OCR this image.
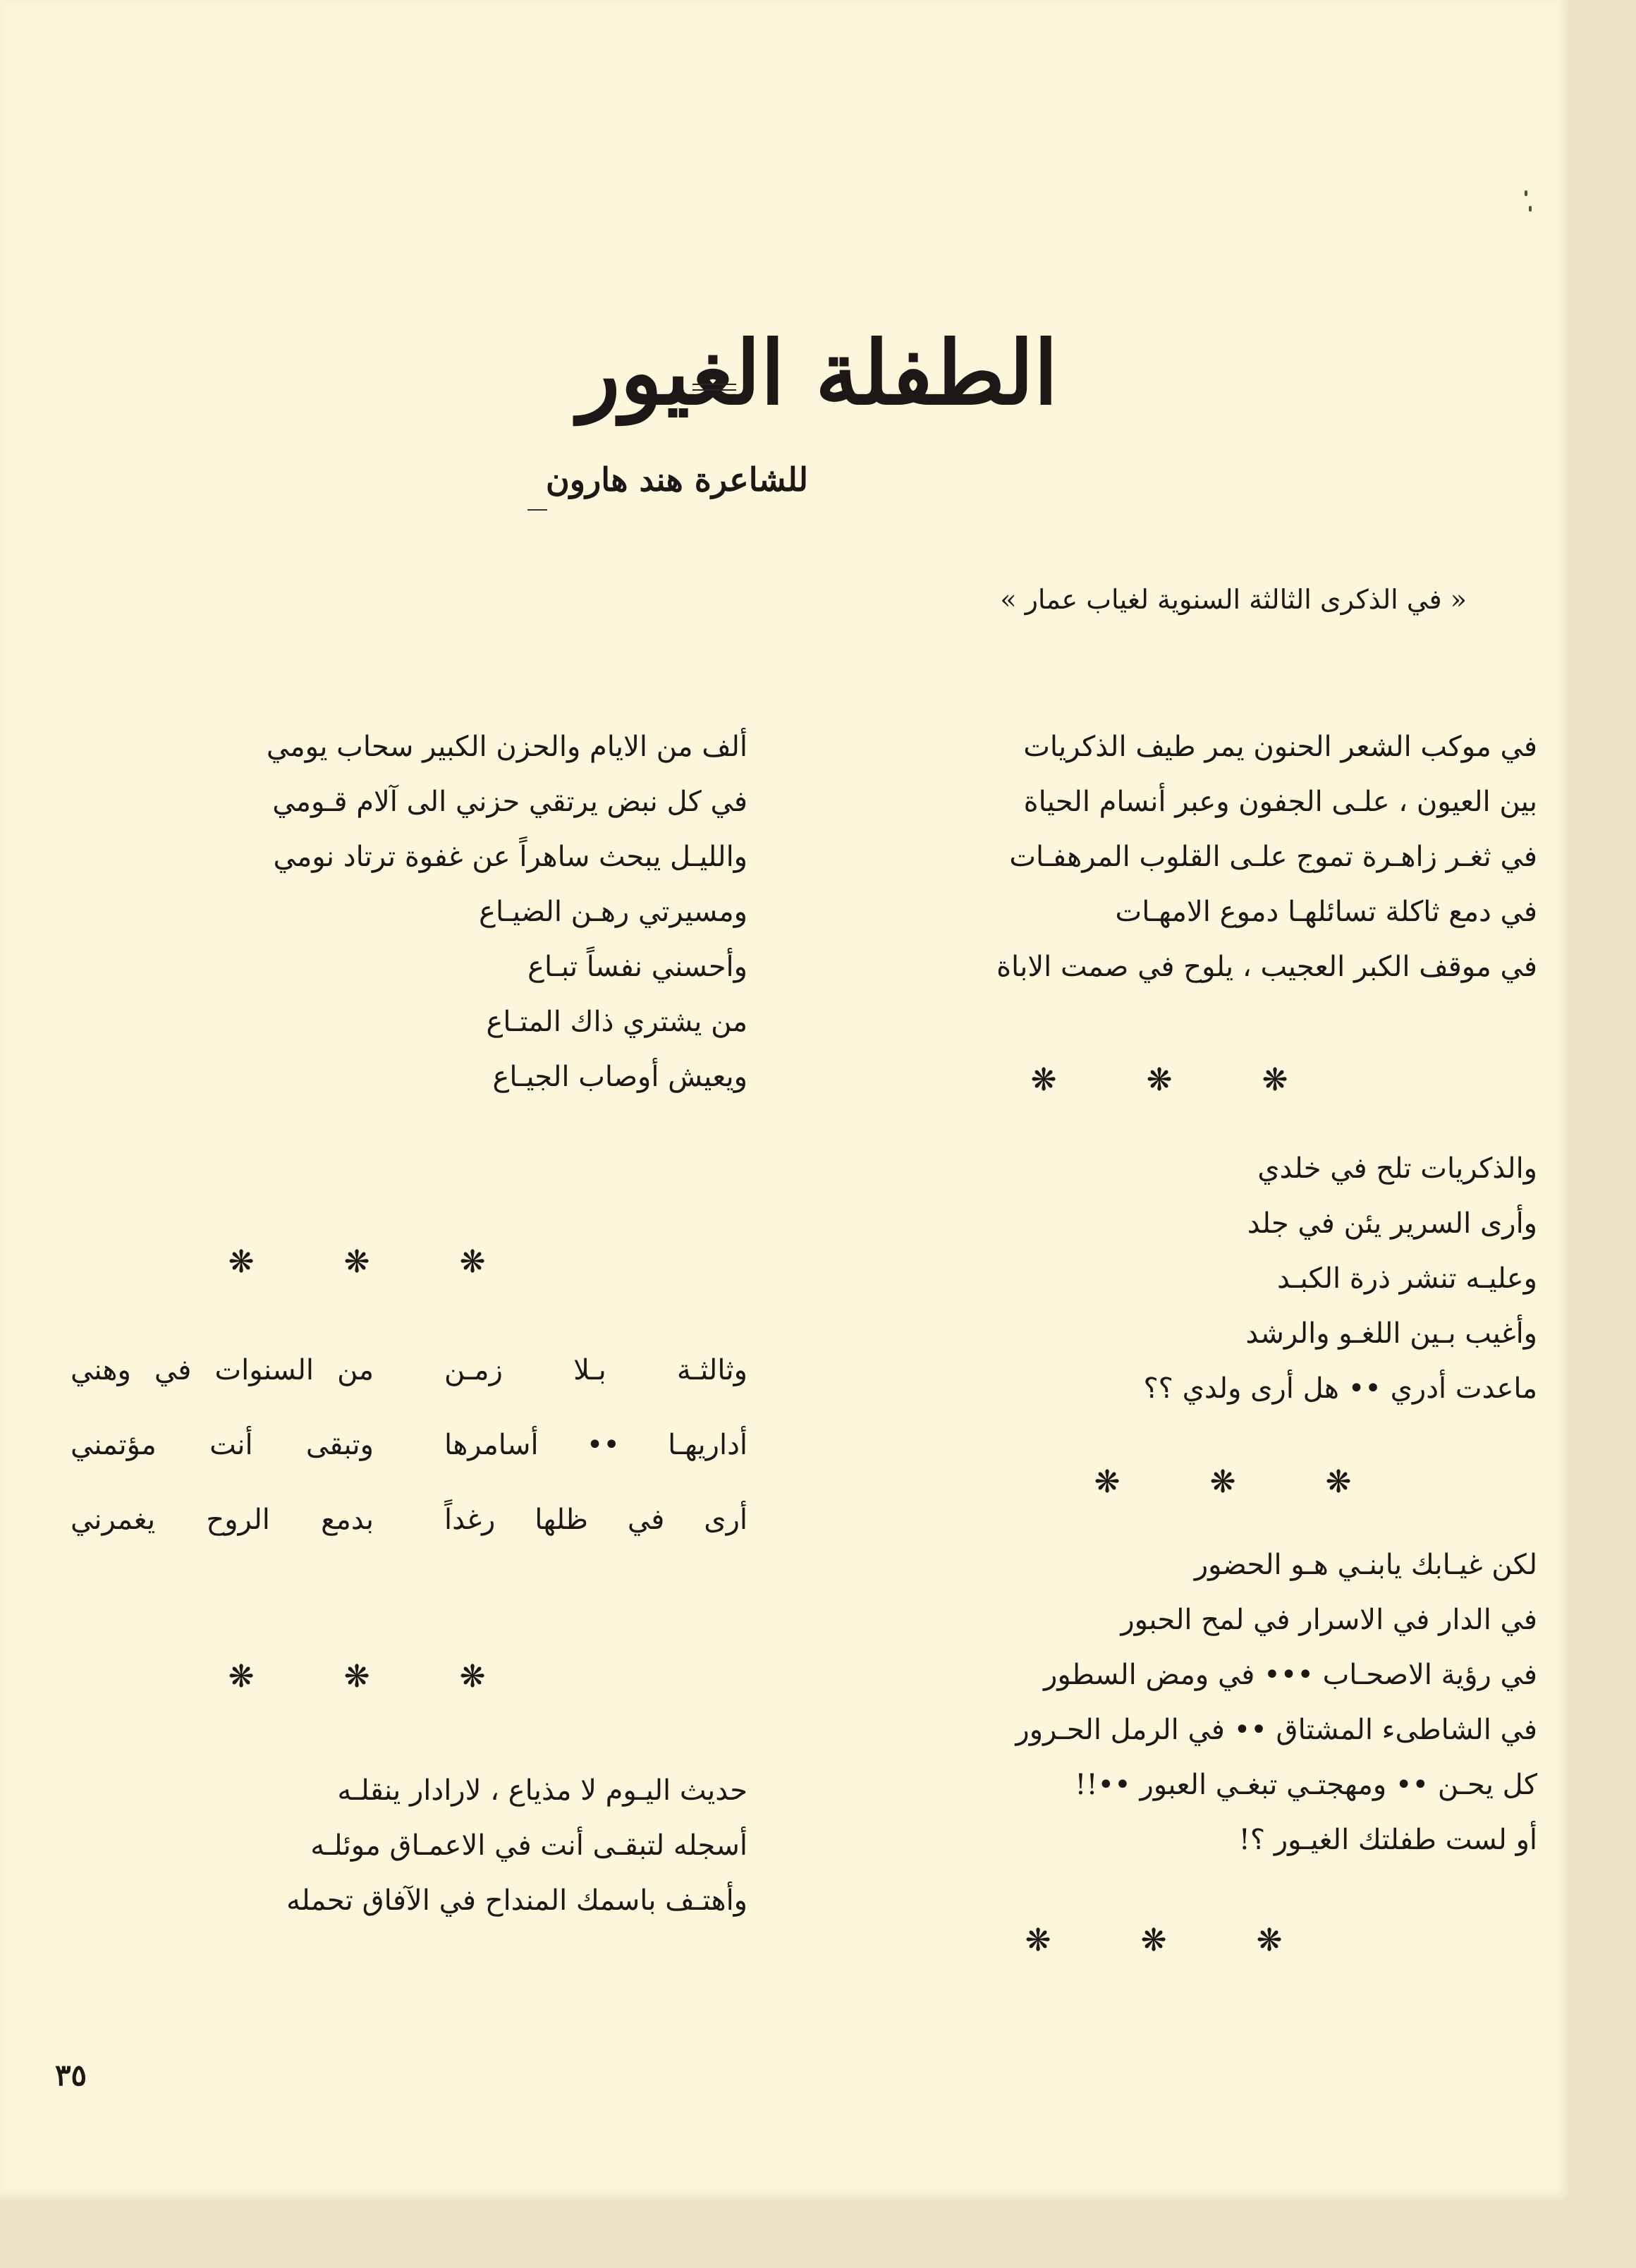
الطفلة الغيور
للشاعرة هند هارون
« في الذكرى الثالثة السنوية لغياب عمار »
في موكب الشعر الحنون يمر طيف الذكريات
بين العيون ، علـى الجفون وعبر أنسام الحياة
في ثغـر زاهـرة تموج علـى القلوب المرهفـات
في دمع ثاكلة تسائلهـا دموع الامهـات
في موقف الكبر العجيب ، يلوح في صمت الاباة
❋	❋	❋
والذكريات تلح في خلدي
وأرى السرير يئن في جلد
وعليـه تنشر ذرة الكبـد
وأغيب بـين اللغـو والرشد
ماعدت أدري •• هل أرى ولدي ؟؟
❋	❋	❋
لكن غيـابك يابنـي هـو الحضور
في الدار في الاسرار في لمح الحبور
في رؤية الاصحـاب ••• في ومض السطور
في الشاطىء المشتاق •• في الرمل الحـرور
كل يحـن •• ومهجتـي تبغـي العبور ••!!
أو لست طفلتك الغيـور ؟!
❋	❋	❋
ألف من الايام والحزن الكبير سحاب يومي
في كل نبض يرتقي حزني الى آلام قـومي
والليـل يبحث ساهراً عن غفوة ترتاد نومي
ومسيرتي رهـن الضيـاع
وأحسني نفساً تبـاع
من يشتري ذاك المتـاع
ويعيش أوصاب الجيـاع
❋	❋	❋
وثالثـة بـلا زمـن
من السنوات في وهني
أداريهـا •• أسامرها
وتبقى أنت مؤتمني
أرى في ظلها رغداً
بدمع الروح يغمرني
❋	❋	❋
حديث اليـوم لا مذياع ، لارادار ينقلـه
أسجله لتبقـى أنت في الاعمـاق موئلـه
وأهتـف باسمك المنداح في الآفاق تحمله
٣٥
